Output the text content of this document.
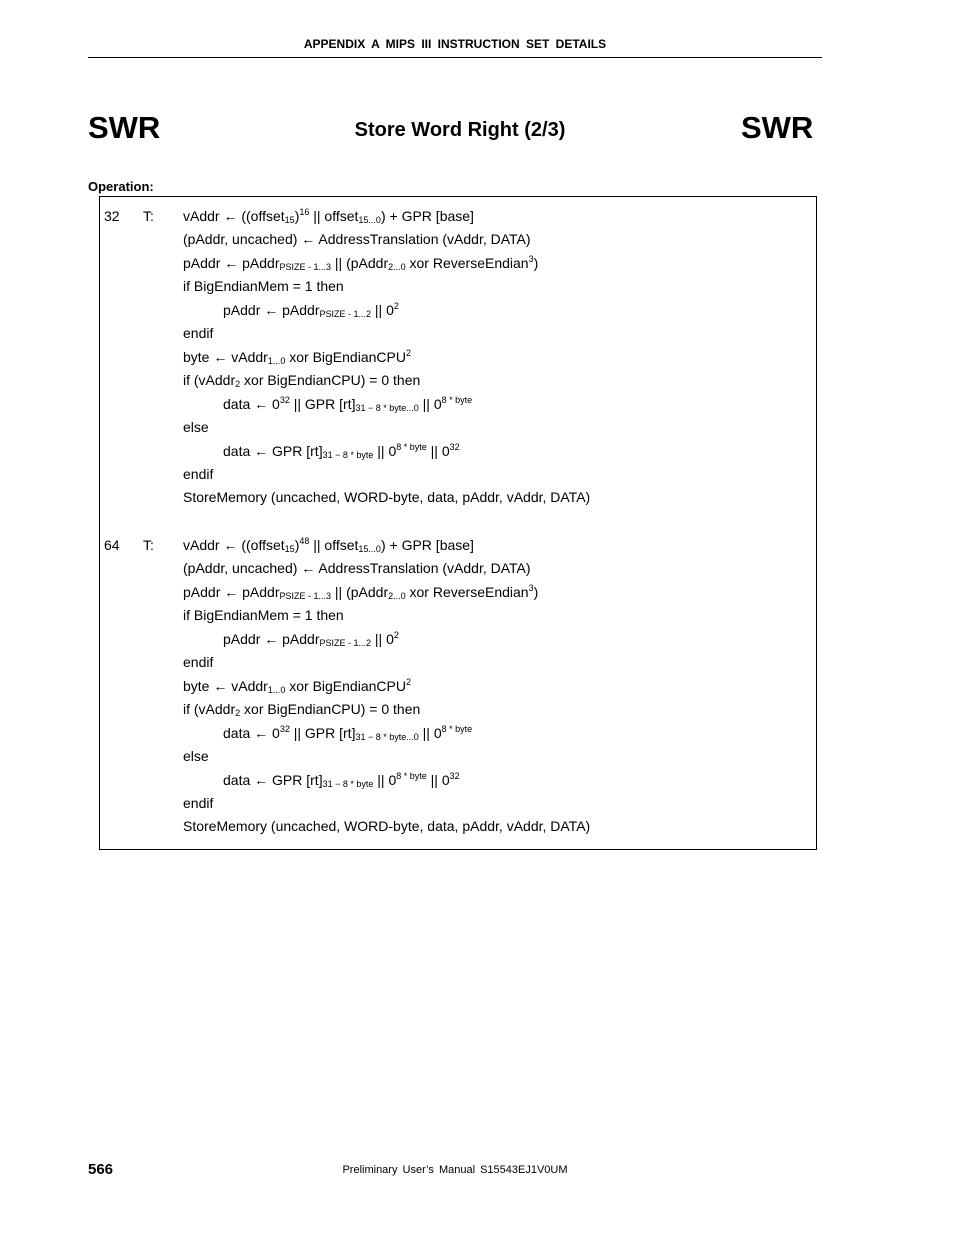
APPENDIX A MIPS III INSTRUCTION SET DETAILS
SWR	Store Word Right (2/3)	SWR
Operation:
32 T: vAddr ← ((offset$_{15}$)$^{16}$ || offset$_{15...0}$) + GPR [base]
(pAddr, uncached) ← AddressTranslation (vAddr, DATA)
pAddr ← pAddr$_{PSIZE - 1...3}$ || (pAddr$_{2...0}$ xor ReverseEndian$^3$)
if BigEndianMem = 1 then
pAddr ← pAddr$_{PSIZE - 1...2}$ || $0^2$
endif
byte ← vAddr$_{1...0}$ xor BigEndianCPU$^2$
if (vAddr$_2$ xor BigEndianCPU) = 0 then
data ← $0^{32}$ || GPR $[rt]_{31 - 8 * byte...0}$ || $0^{8 * byte}$
else
data ← GPR $[rt]_{31 - 8 * byte}$ || $0^{8 * byte}$ || $0^{32}$
endif
StoreMemory (uncached, WORD-byte, data, pAddr, vAddr, DATA)
64 T: vAddr ← ((offset$_{15}$)$^{48}$ || offset$_{15...0}$) + GPR [base]
(pAddr, uncached) ← AddressTranslation (vAddr, DATA)
pAddr ← pAddr$_{PSIZE - 1...3}$ || (pAddr$_{2...0}$ xor ReverseEndian$^3$)
if BigEndianMem = 1 then
pAddr ← pAddr$_{PSIZE - 1...2}$ || $0^2$
endif
byte ← vAddr$_{1...0}$ xor BigEndianCPU$^2$
if (vAddr$_2$ xor BigEndianCPU) = 0 then
data ← $0^{32}$ || GPR $[rt]_{31 - 8 * byte...0}$ || $0^{8 * byte}$
else
data ← GPR $[rt]_{31 - 8 * byte}$ || $0^{8 * byte}$ || $0^{32}$
endif
StoreMemory (uncached, WORD-byte, data, pAddr, vAddr, DATA)
566	Preliminary User’s Manual S15543EJ1V0UM
